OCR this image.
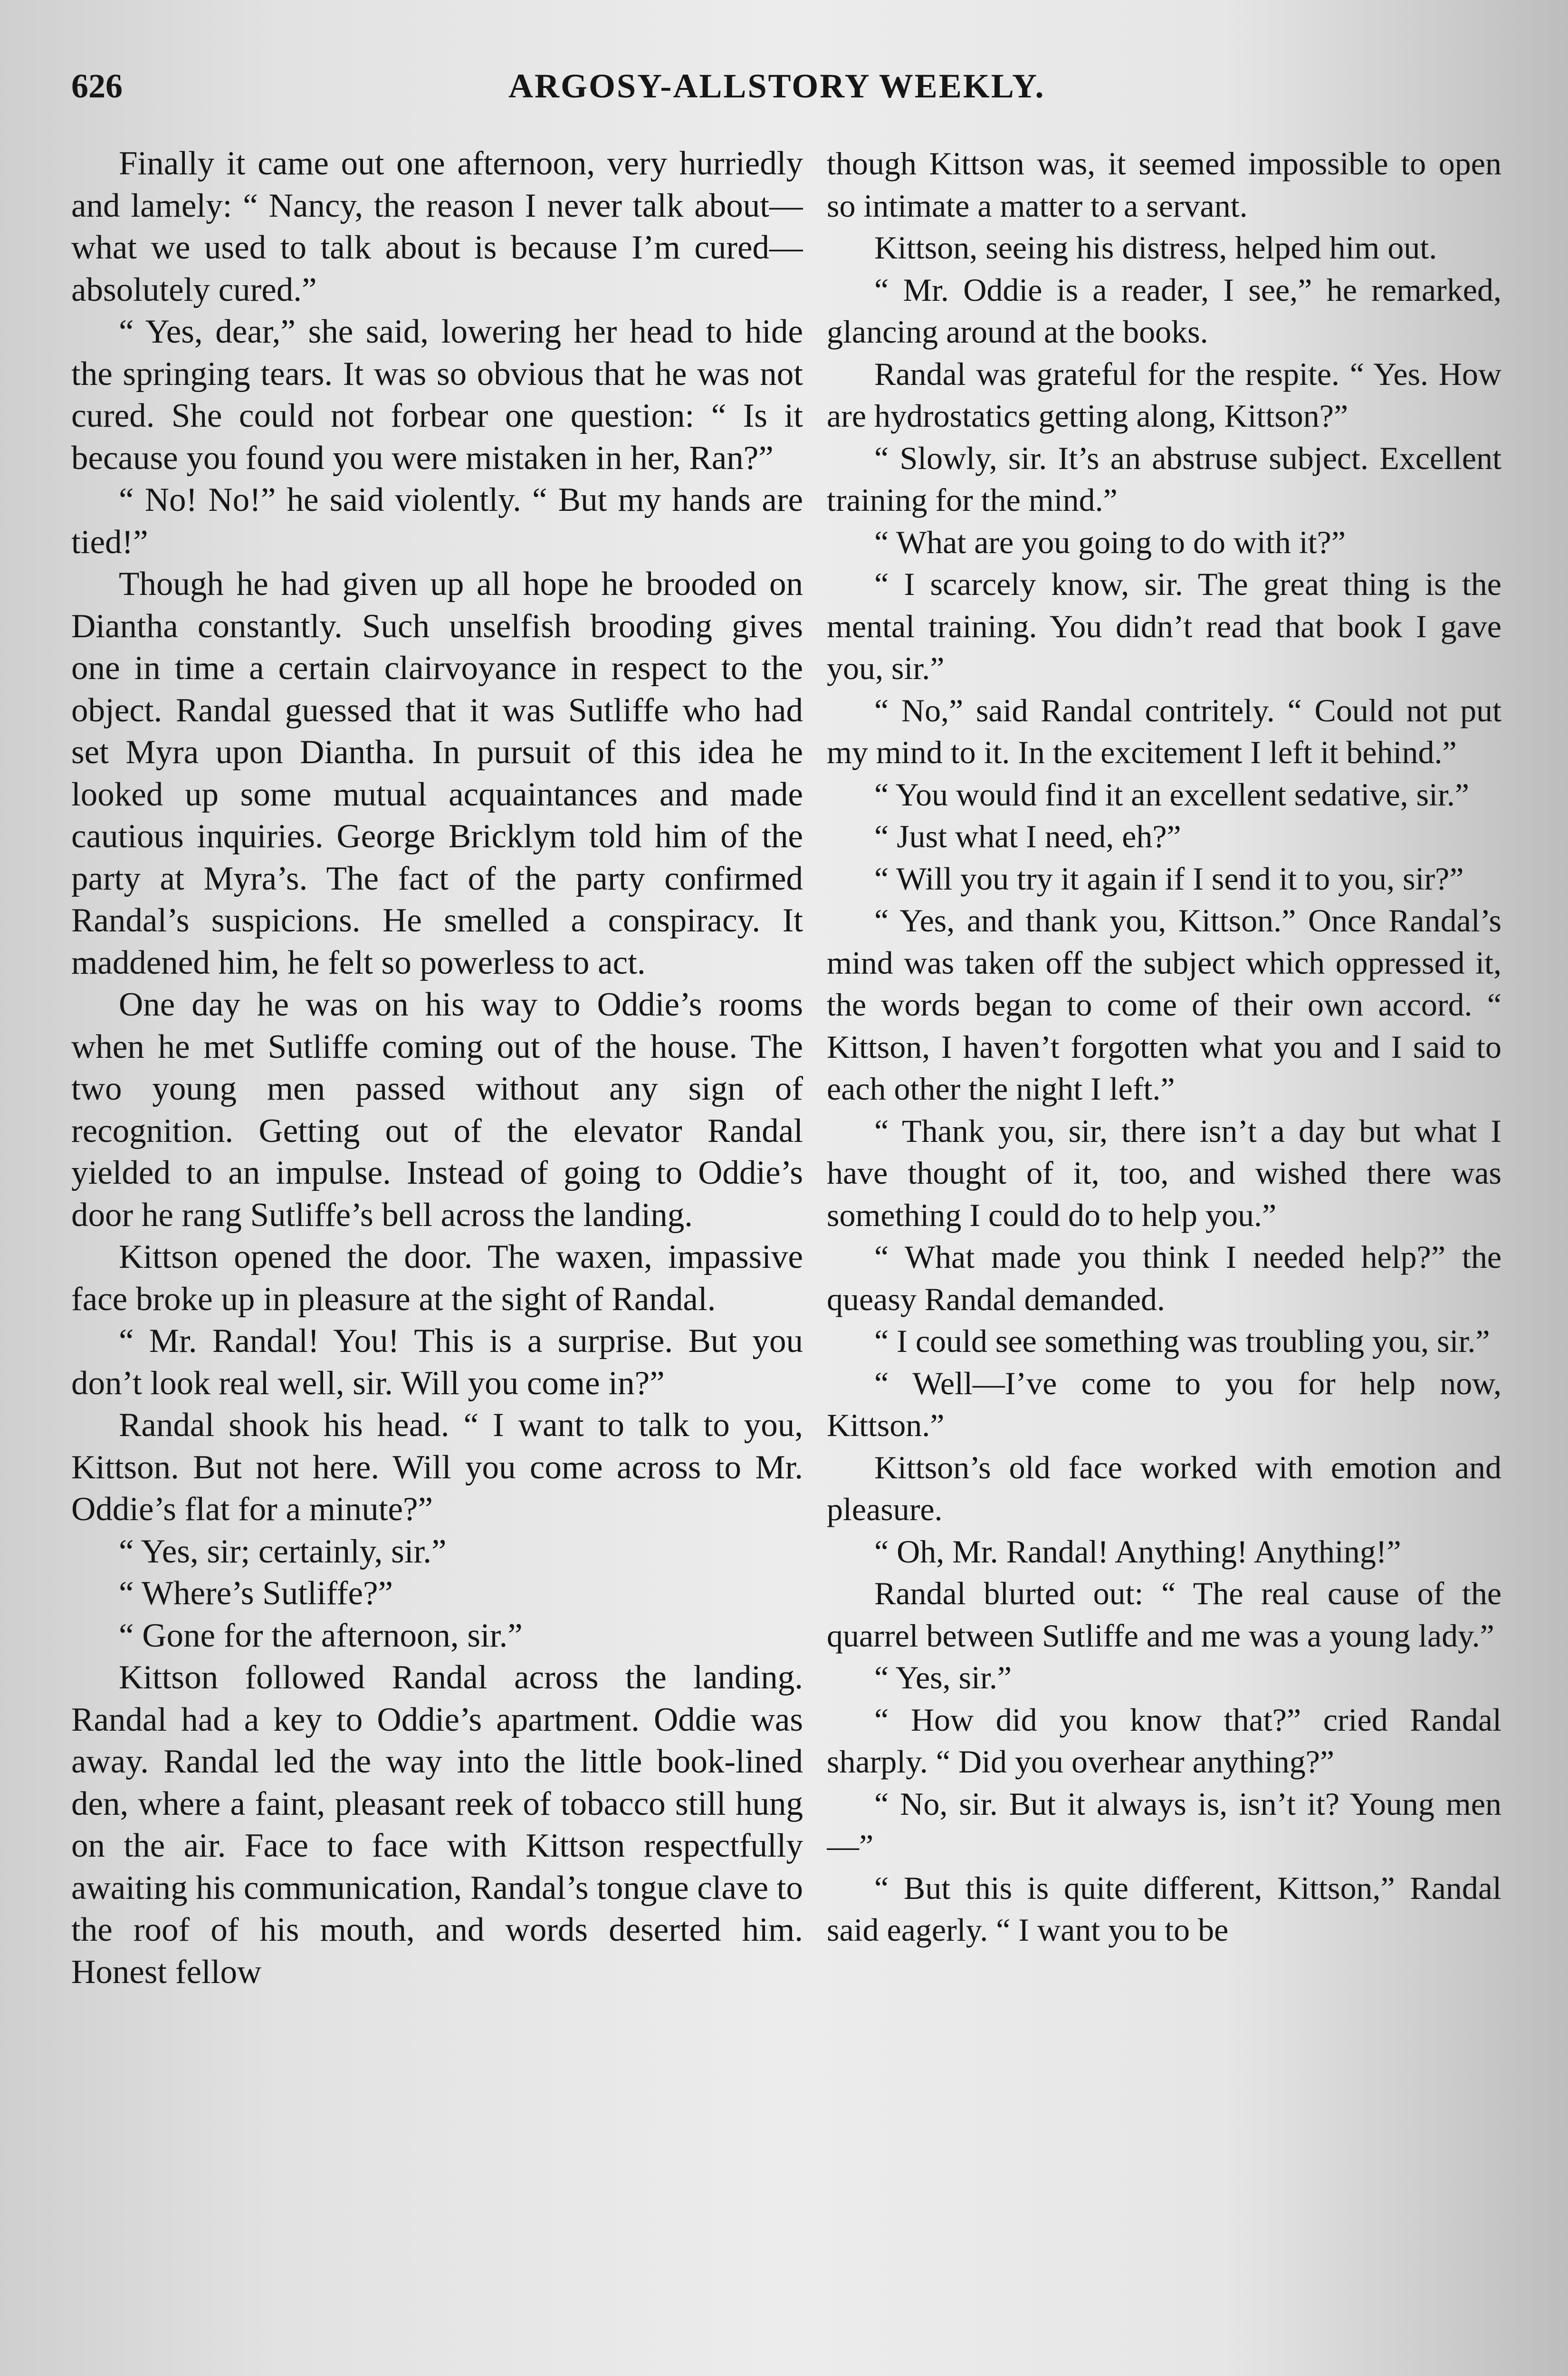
626	ARGOSY-ALLSTORY WEEKLY.

Finally it came out one afternoon, very hurriedly and lamely: “ Nancy, the reason I never talk about—what we used to talk about is because I’m cured—absolutely cured.”

“ Yes, dear,” she said, lowering her head to hide the springing tears. It was so obvious that he was not cured. She could not forbear one question: “ Is it because you found you were mistaken in her, Ran?”

“ No! No!” he said violently. “ But my hands are tied!”

Though he had given up all hope he brooded on Diantha constantly. Such unselfish brooding gives one in time a certain clairvoyance in respect to the object. Randal guessed that it was Sutliffe who had set Myra upon Diantha. In pursuit of this idea he looked up some mutual acquaintances and made cautious inquiries. George Bricklym told him of the party at Myra’s. The fact of the party confirmed Randal’s suspicions. He smelled a conspiracy. It maddened him, he felt so powerless to act.

One day he was on his way to Oddie’s rooms when he met Sutliffe coming out of the house. The two young men passed without any sign of recognition. Getting out of the elevator Randal yielded to an impulse. Instead of going to Oddie’s door he rang Sutliffe’s bell across the landing.

Kittson opened the door. The waxen, impassive face broke up in pleasure at the sight of Randal.

“ Mr. Randal! You! This is a surprise. But you don’t look real well, sir. Will you come in?”

Randal shook his head. “ I want to talk to you, Kittson. But not here. Will you come across to Mr. Oddie’s flat for a minute?”

“ Yes, sir; certainly, sir.”

“ Where’s Sutliffe?”

“ Gone for the afternoon, sir.”

Kittson followed Randal across the landing. Randal had a key to Oddie’s apartment. Oddie was away. Randal led the way into the little book-lined den, where a faint, pleasant reek of tobacco still hung on the air. Face to face with Kittson respectfully awaiting his communication, Randal’s tongue clave to the roof of his mouth, and words deserted him. Honest fellow

though Kittson was, it seemed impossible to open so intimate a matter to a servant.

Kittson, seeing his distress, helped him out.

“ Mr. Oddie is a reader, I see,” he remarked, glancing around at the books.

Randal was grateful for the respite. “ Yes. How are hydrostatics getting along, Kittson?”

“ Slowly, sir. It’s an abstruse subject. Excellent training for the mind.”

“ What are you going to do with it?”

“ I scarcely know, sir. The great thing is the mental training. You didn’t read that book I gave you, sir.”

“ No,” said Randal contritely. “ Could not put my mind to it. In the excitement I left it behind.”

“ You would find it an excellent sedative, sir.”

“ Just what I need, eh?”

“ Will you try it again if I send it to you, sir?”

“ Yes, and thank you, Kittson.” Once Randal’s mind was taken off the subject which oppressed it, the words began to come of their own accord. “ Kittson, I haven’t forgotten what you and I said to each other the night I left.”

“ Thank you, sir, there isn’t a day but what I have thought of it, too, and wished there was something I could do to help you.”

“ What made you think I needed help?” the queasy Randal demanded.

“ I could see something was troubling you, sir.”

“ Well—I’ve come to you for help now, Kittson.”

Kittson’s old face worked with emotion and pleasure.

“ Oh, Mr. Randal! Anything! Anything!”

Randal blurted out: “ The real cause of the quarrel between Sutliffe and me was a young lady.”

“ Yes, sir.”

“ How did you know that?” cried Randal sharply. “ Did you overhear anything?”

“ No, sir. But it always is, isn’t it? Young men—”

“ But this is quite different, Kittson,” Randal said eagerly. “ I want you to be
